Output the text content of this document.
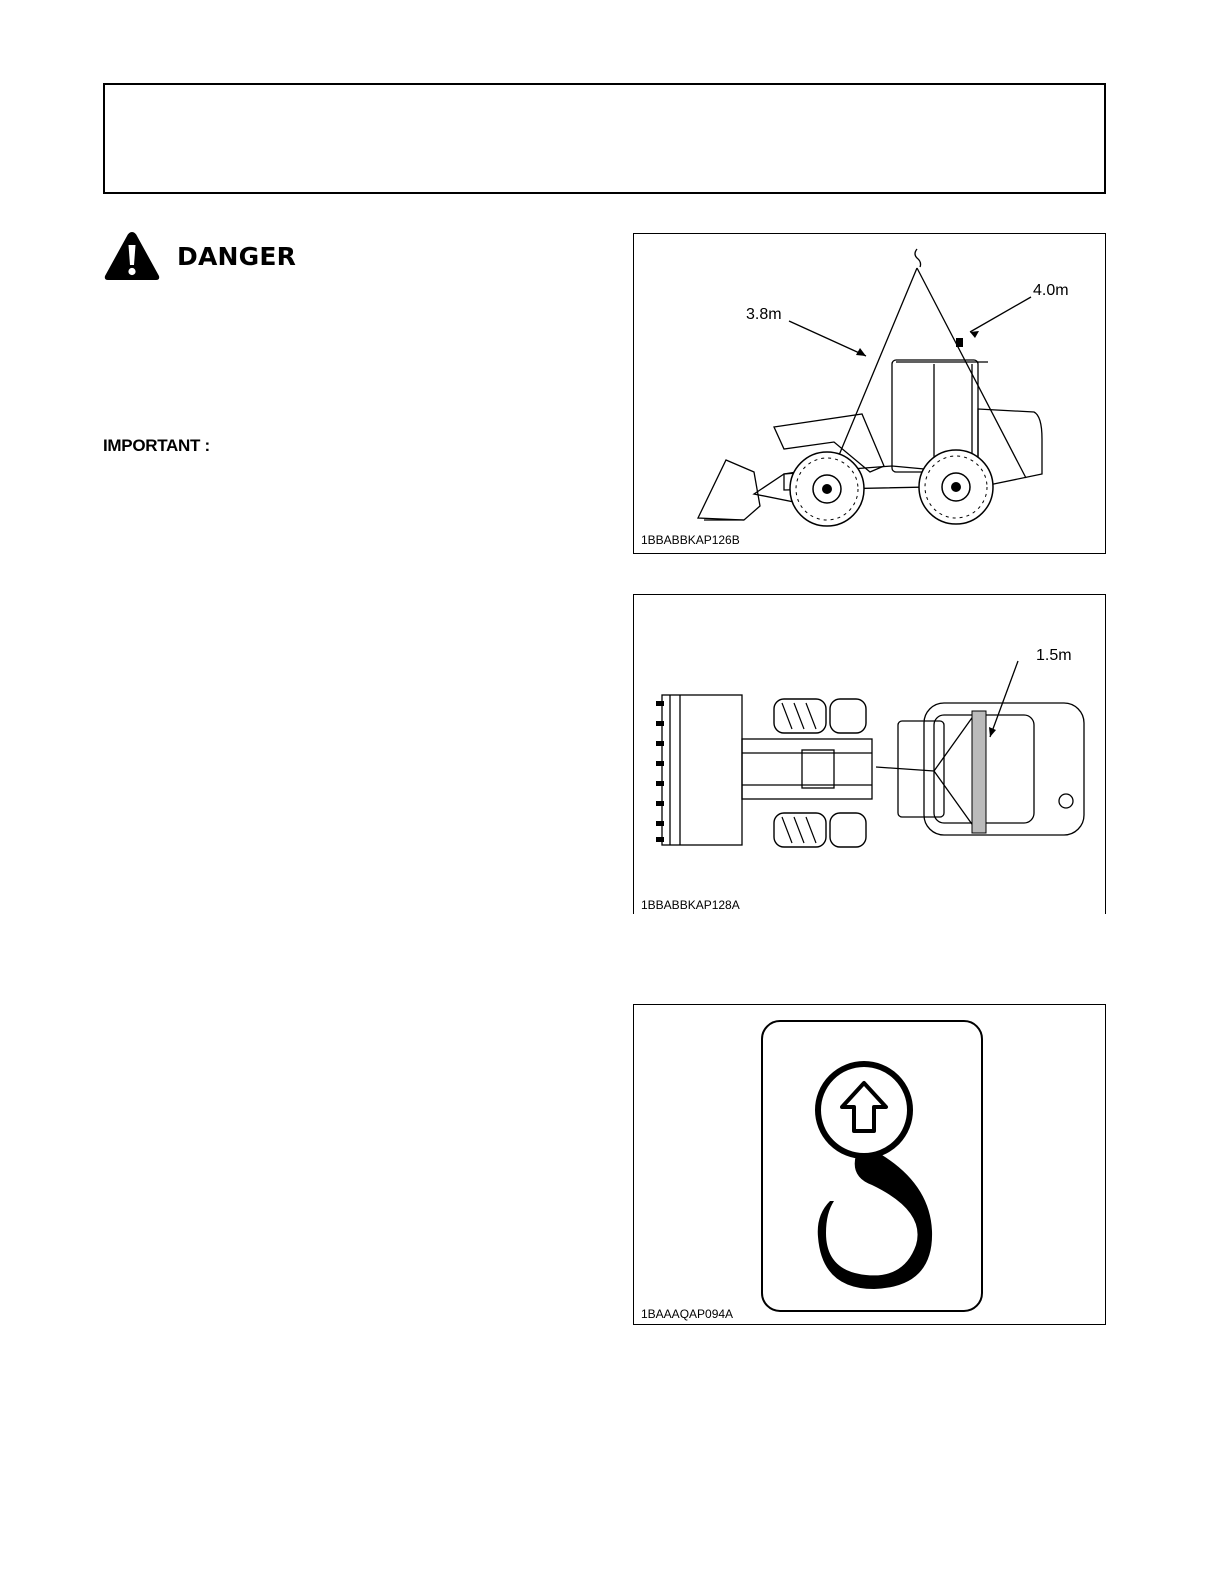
DANGER
IMPORTANT :
3.8m
4.0m
1BBABBKAP126B
1.5m
1BBABBKAP128A
1BAAAQAP094A
